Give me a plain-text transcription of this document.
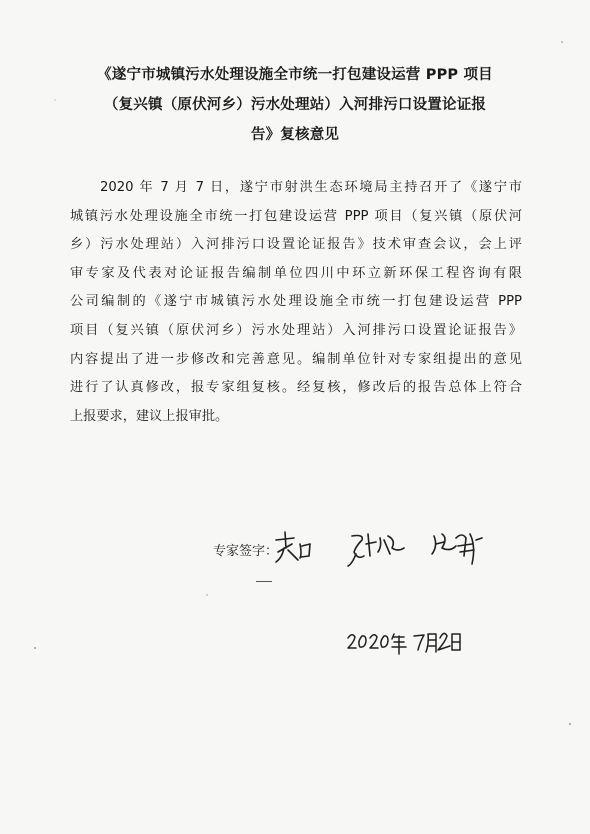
《遂宁市城镇污水处理设施全市统一打包建设运营 PPP 项目
（复兴镇（原伏河乡）污水处理站）入河排污口设置论证报
告》复核意见

2020 年 7 月 7 日，遂宁市射洪生态环境局主持召开了《遂宁市

城镇污水处理设施全市统一打包建设运营 PPP 项目（复兴镇（原伏河

乡）污水处理站）入河排污口设置论证报告》技术审查会议，会上评

审专家及代表对论证报告编制单位四川中环立新环保工程咨询有限

公司编制的《遂宁市城镇污水处理设施全市统一打包建设运营 PPP

项目（复兴镇（原伏河乡）污水处理站）入河排污口设置论证报告》

内容提出了进一步修改和完善意见。编制单位针对专家组提出的意见

进行了认真修改，报专家组复核。经复核，修改后的报告总体上符合

上报要求，建议上报审批。

专家签字：
